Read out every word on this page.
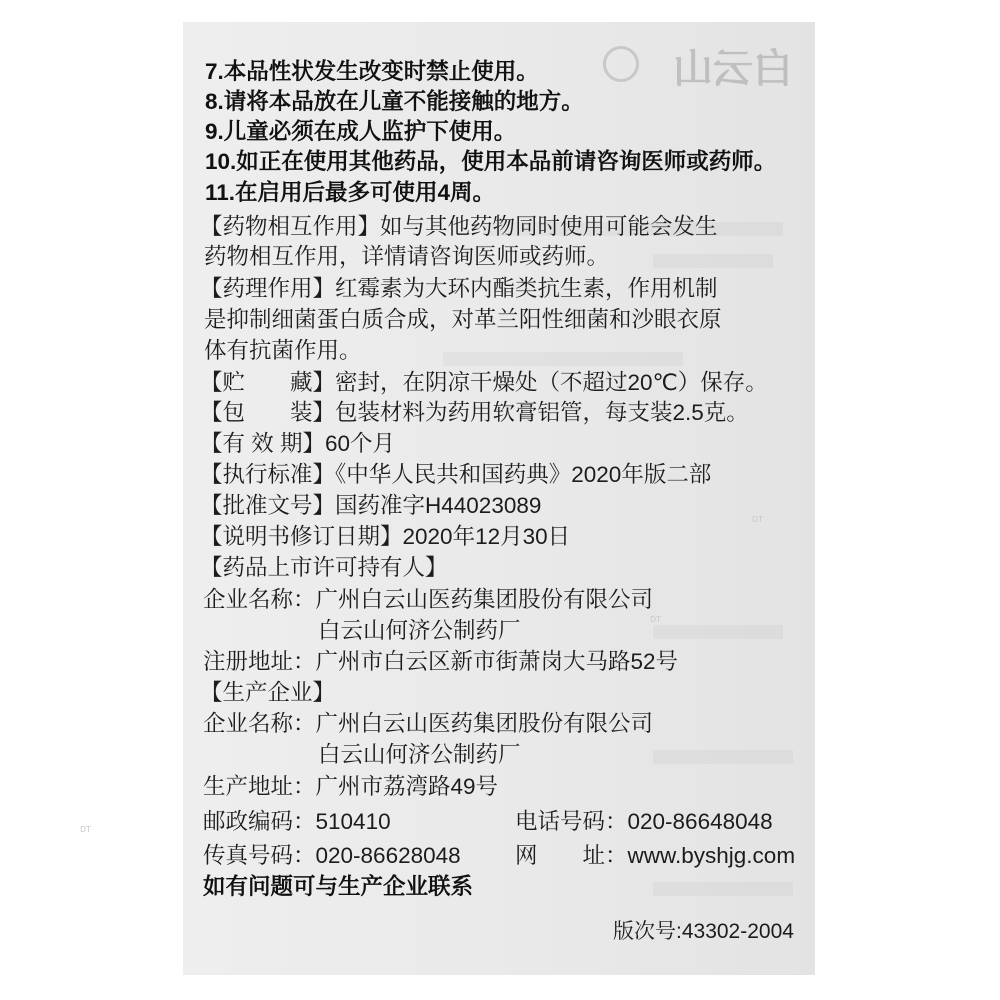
白云山
7.本品性状发生改变时禁止使用。
8.请将本品放在儿童不能接触的地方。
9.儿童必须在成人监护下使用。
10.如正在使用其他药品，使用本品前请咨询医师或药师。
11.在启用后最多可使用4周。
【药物相互作用】如与其他药物同时使用可能会发生
药物相互作用，详情请咨询医师或药师。
【药理作用】红霉素为大环内酯类抗生素，作用机制
是抑制细菌蛋白质合成，对革兰阳性细菌和沙眼衣原
体有抗菌作用。
【贮　　藏】密封，在阴凉干燥处（不超过20℃）保存。
【包　　装】包装材料为药用软膏铝管，每支装2.5克。
【有 效 期】60个月
【执行标准】《中华人民共和国药典》2020年版二部
【批准文号】国药准字H44023089
【说明书修订日期】2020年12月30日
【药品上市许可持有人】
企业名称：广州白云山医药集团股份有限公司
白云山何济公制药厂
注册地址：广州市白云区新市街萧岗大马路52号
【生产企业】
企业名称：广州白云山医药集团股份有限公司
白云山何济公制药厂
生产地址：广州市荔湾路49号
邮政编码：510410	电话号码：020-86648048
传真号码：020-86628048 网　　址：www.byshjg.com
如有问题可与生产企业联系
版次号:43302-2004
DT
DT
DT
